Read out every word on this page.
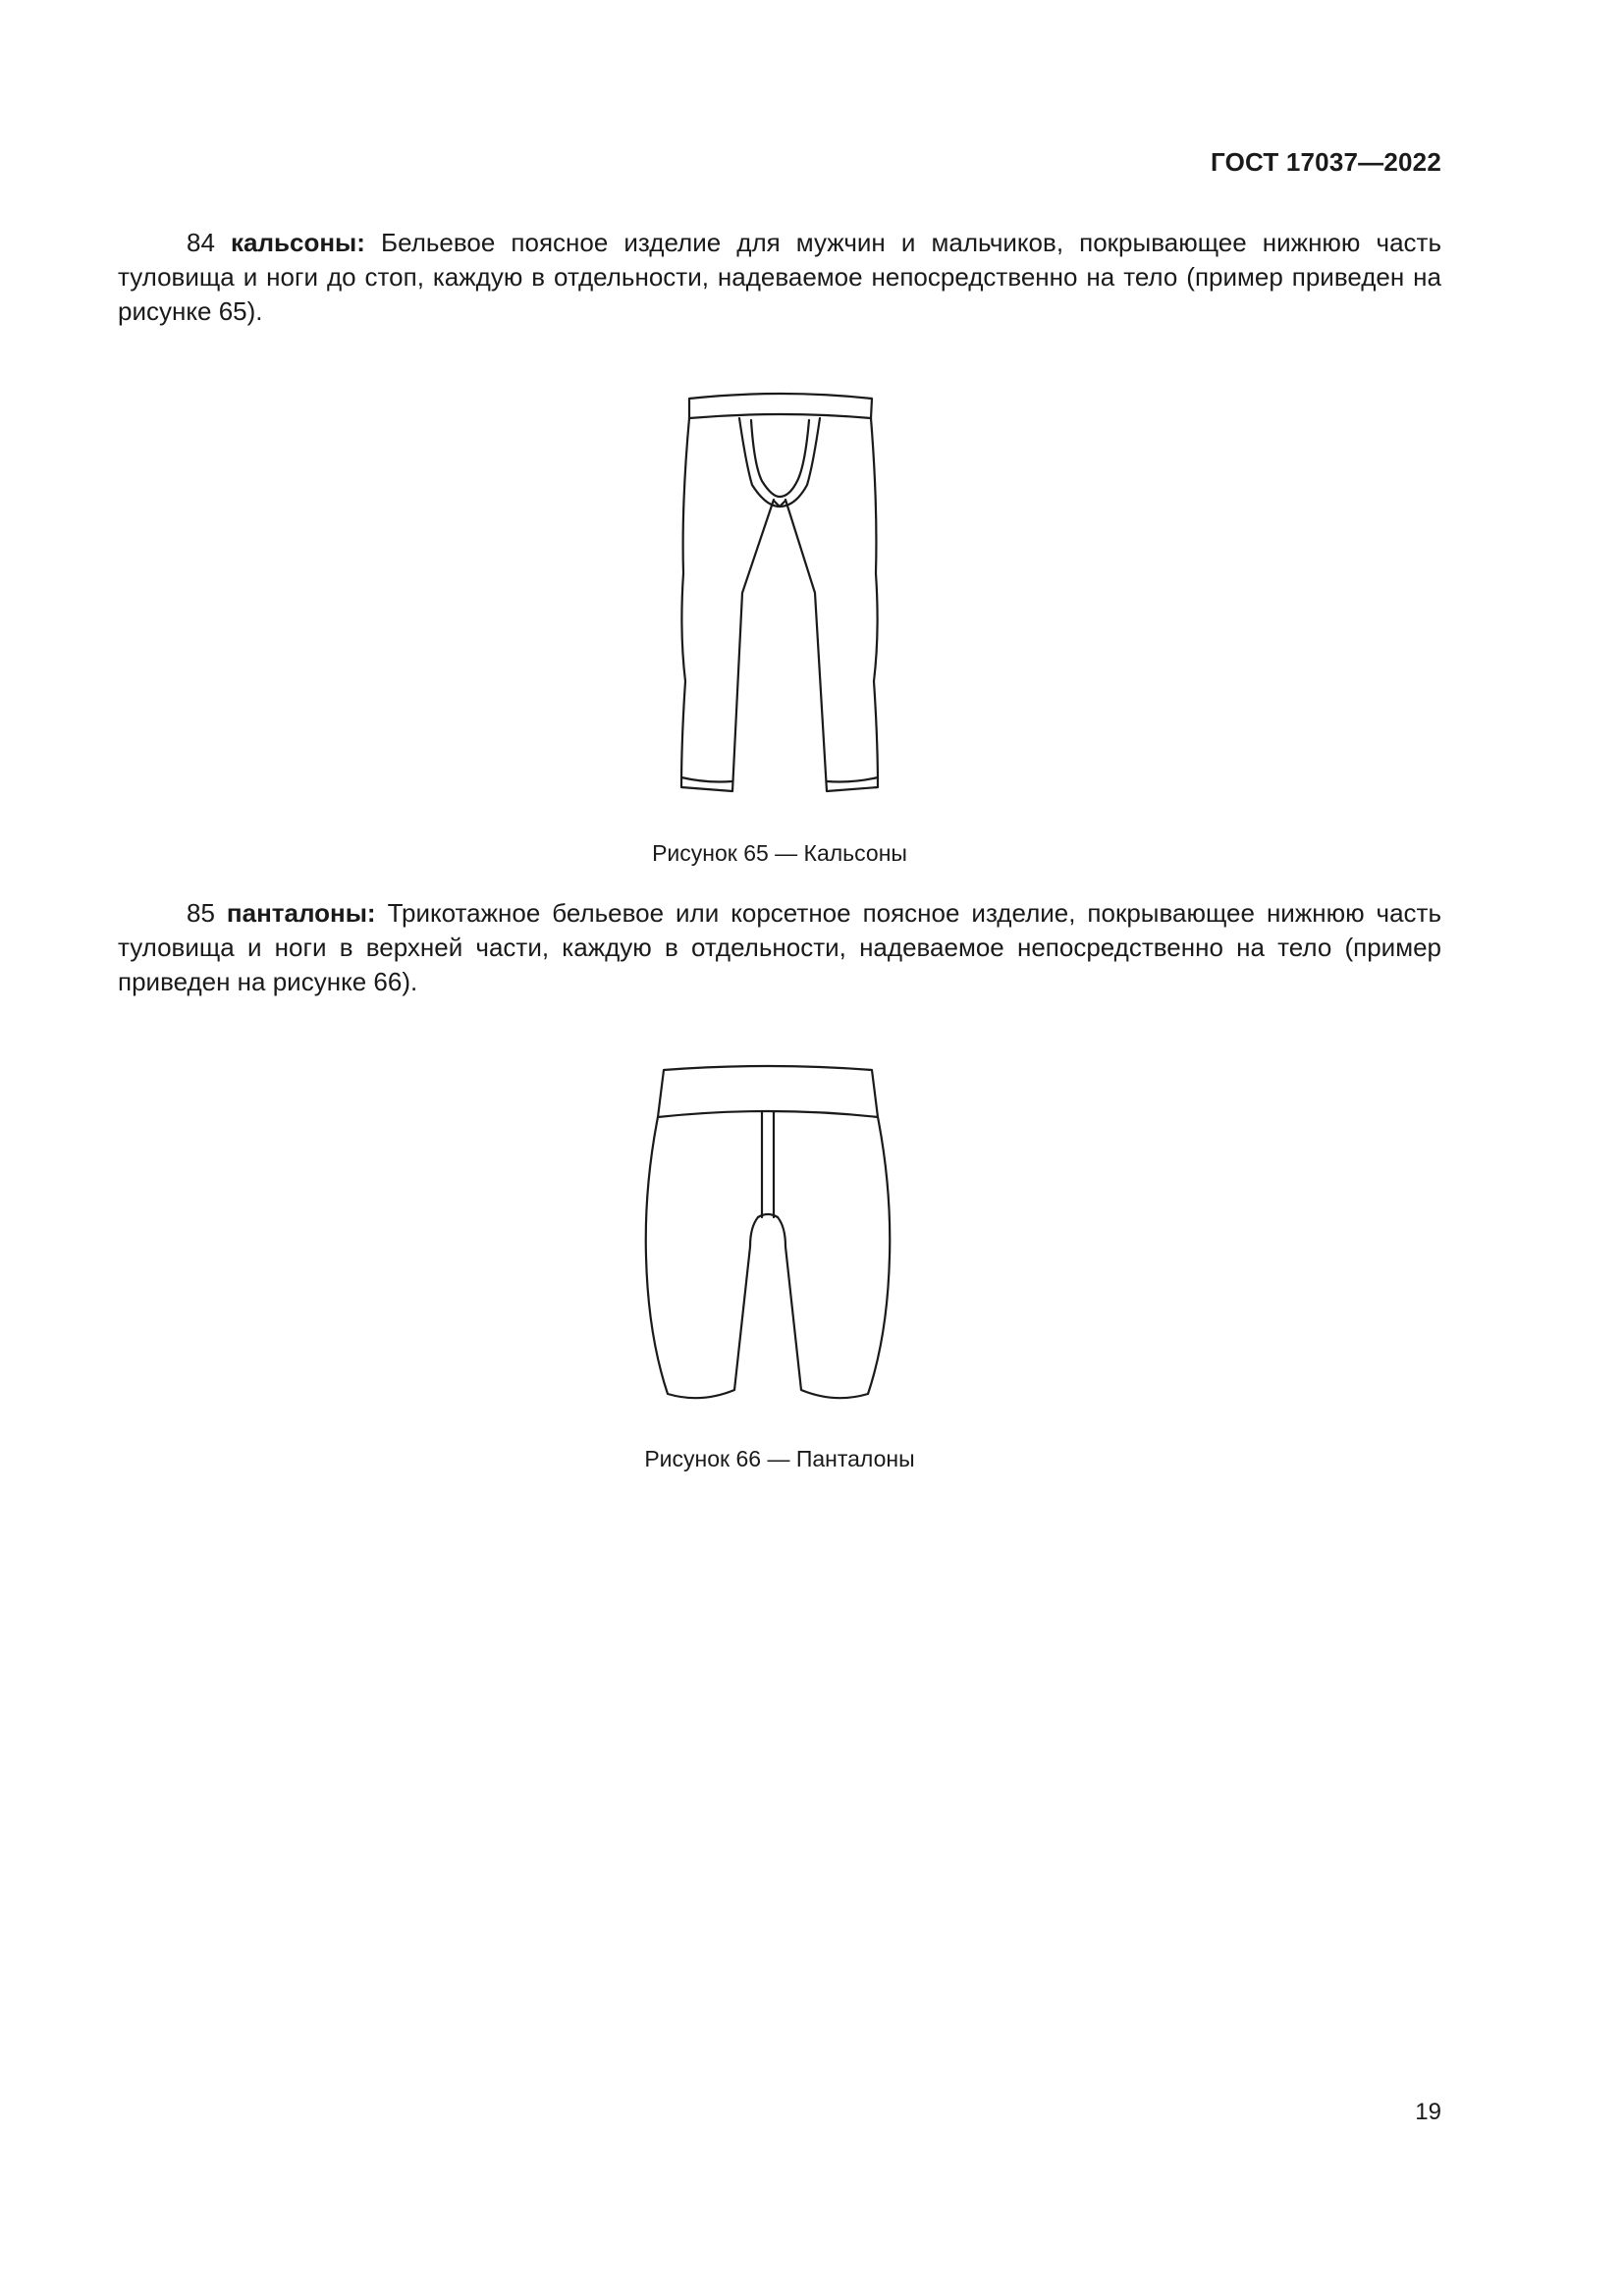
ГОСТ 17037—2022

84 кальсоны: Бельевое поясное изделие для мужчин и мальчиков, покрывающее нижнюю часть туловища и ноги до стоп, каждую в отдельности, надеваемое непосредственно на тело (пример приведен на рисунке 65).

Рисунок 65 — Кальсоны

85 панталоны: Трикотажное бельевое или корсетное поясное изделие, покрывающее нижнюю часть туловища и ноги в верхней части, каждую в отдельности, надеваемое непосредственно на тело (пример приведен на рисунке 66).

Рисунок 66 — Панталоны
19
